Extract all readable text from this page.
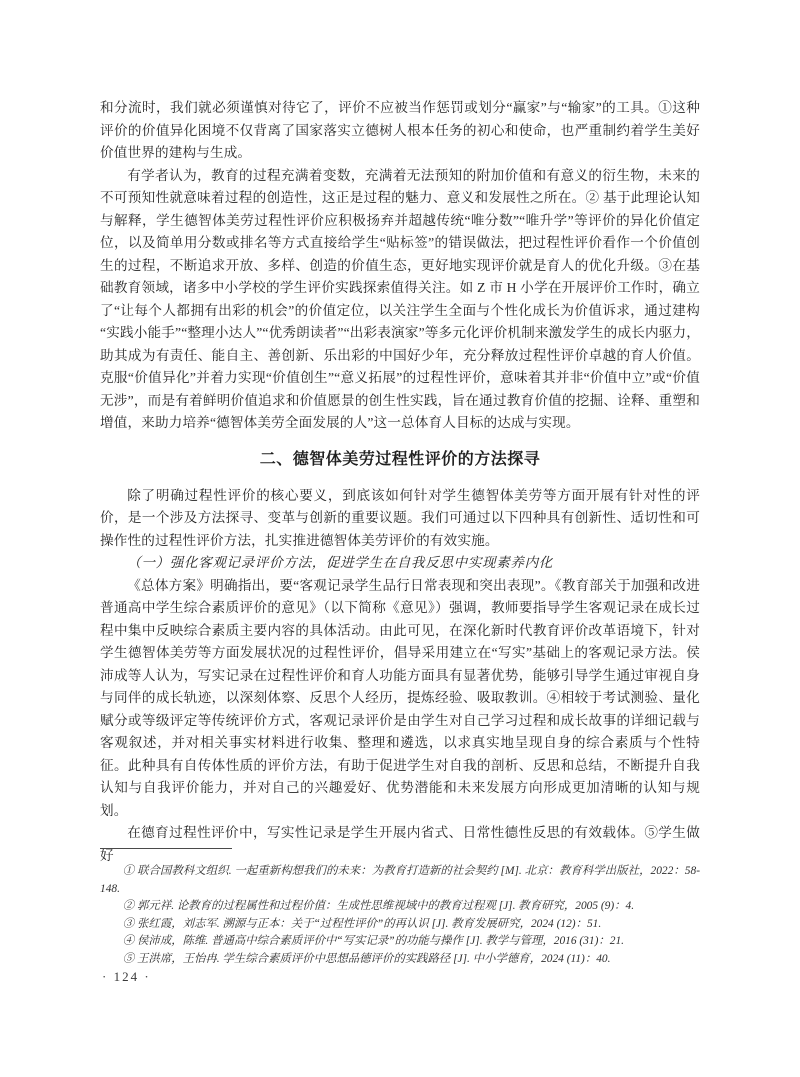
和分流时，我们就必须谨慎对待它了，评价不应被当作惩罚或划分“赢家”与“输家”的工具。①这种评价的价值异化困境不仅背离了国家落实立德树人根本任务的初心和使命，也严重制约着学生美好价值世界的建构与生成。

有学者认为，教育的过程充满着变数，充满着无法预知的附加价值和有意义的衍生物，未来的不可预知性就意味着过程的创造性，这正是过程的魅力、意义和发展性之所在。② 基于此理论认知与解释，学生德智体美劳过程性评价应积极扬弃并超越传统“唯分数”“唯升学”等评价的异化价值定位，以及简单用分数或排名等方式直接给学生“贴标签”的错误做法，把过程性评价看作一个价值创生的过程，不断追求开放、多样、创造的价值生态，更好地实现评价就是育人的优化升级。③在基础教育领域，诸多中小学校的学生评价实践探索值得关注。如 Z 市 H 小学在开展评价工作时，确立了“让每个人都拥有出彩的机会”的价值定位，以关注学生全面与个性化成长为价值诉求，通过建构“实践小能手”“整理小达人”“优秀朗读者”“出彩表演家”等多元化评价机制来激发学生的成长内驱力，助其成为有责任、能自主、善创新、乐出彩的中国好少年，充分释放过程性评价卓越的育人价值。克服“价值异化”并着力实现“价值创生”“意义拓展”的过程性评价，意味着其并非“价值中立”或“价值无涉”，而是有着鲜明价值追求和价值愿景的创生性实践，旨在通过教育价值的挖掘、诠释、重塑和增值，来助力培养“德智体美劳全面发展的人”这一总体育人目标的达成与实现。

二、德智体美劳过程性评价的方法探寻

除了明确过程性评价的核心要义，到底该如何针对学生德智体美劳等方面开展有针对性的评价，是一个涉及方法探寻、变革与创新的重要议题。我们可通过以下四种具有创新性、适切性和可操作性的过程性评价方法，扎实推进德智体美劳评价的有效实施。

（一）强化客观记录评价方法，促进学生在自我反思中实现素养内化

《总体方案》明确指出，要“客观记录学生品行日常表现和突出表现”。《教育部关于加强和改进普通高中学生综合素质评价的意见》（以下简称《意见》）强调，教师要指导学生客观记录在成长过程中集中反映综合素质主要内容的具体活动。由此可见，在深化新时代教育评价改革语境下，针对学生德智体美劳等方面发展状况的过程性评价，倡导采用建立在“写实”基础上的客观记录方法。侯沛成等人认为，写实记录在过程性评价和育人功能方面具有显著优势，能够引导学生通过审视自身与同伴的成长轨迹，以深刻体察、反思个人经历，提炼经验、吸取教训。④相较于考试测验、量化赋分或等级评定等传统评价方式，客观记录评价是由学生对自己学习过程和成长故事的详细记载与客观叙述，并对相关事实材料进行收集、整理和遴选，以求真实地呈现自身的综合素质与个性特征。此种具有自传体性质的评价方法，有助于促进学生对自我的剖析、反思和总结，不断提升自我认知与自我评价能力，并对自己的兴趣爱好、优势潜能和未来发展方向形成更加清晰的认知与规划。

在德育过程性评价中，写实性记录是学生开展内省式、日常性德性反思的有效载体。⑤学生做好

① 联合国教科文组织. 一起重新构想我们的未来：为教育打造新的社会契约 [M]. 北京：教育科学出版社，2022：58-148.

② 郭元祥. 论教育的过程属性和过程价值：生成性思维视域中的教育过程观 [J]. 教育研究，2005 (9)：4.

③ 张红霞，刘志军. 溯源与正本：关于“过程性评价”的再认识 [J]. 教育发展研究，2024 (12)：51.

④ 侯沛成，陈维. 普通高中综合素质评价中“写实记录”的功能与操作 [J]. 教学与管理，2016 (31)：21.

⑤ 王洪席，王怡冉. 学生综合素质评价中思想品德评价的实践路径 [J]. 中小学德育，2024 (11)：40.

· 124 ·
